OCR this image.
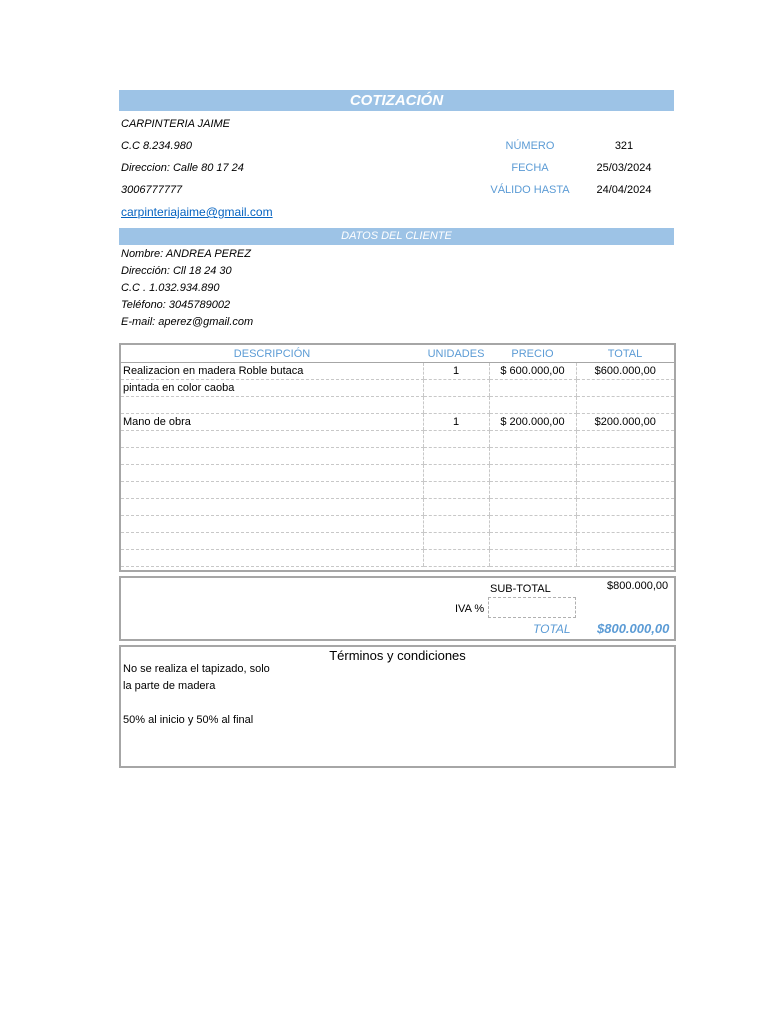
COTIZACIÓN
CARPINTERIA JAIME
C.C 8.234.980
Direccion: Calle 80 17 24
3006777777
carpinteriajaime@gmail.com
NÚMERO	321
FECHA	25/03/2024
VÁLIDO HASTA	24/04/2024
DATOS DEL CLIENTE
Nombre: ANDREA PEREZ
Dirección: Cll 18 24 30
C.C . 1.032.934.890
Teléfono: 3045789002
E-mail: aperez@gmail.com
DESCRIPCIÓN	UNIDADES	PRECIO	TOTAL
Realizacion en madera Roble butaca	1	$ 600.000,00	$600.000,00
pintada en color caoba			

Mano de obra	1	$ 200.000,00	$200.000,00

SUB-TOTAL	$800.000,00
IVA %
TOTAL $800.000,00
Términos y condiciones
No se realiza el tapizado, solo
la parte de madera
50% al inicio y 50% al final
